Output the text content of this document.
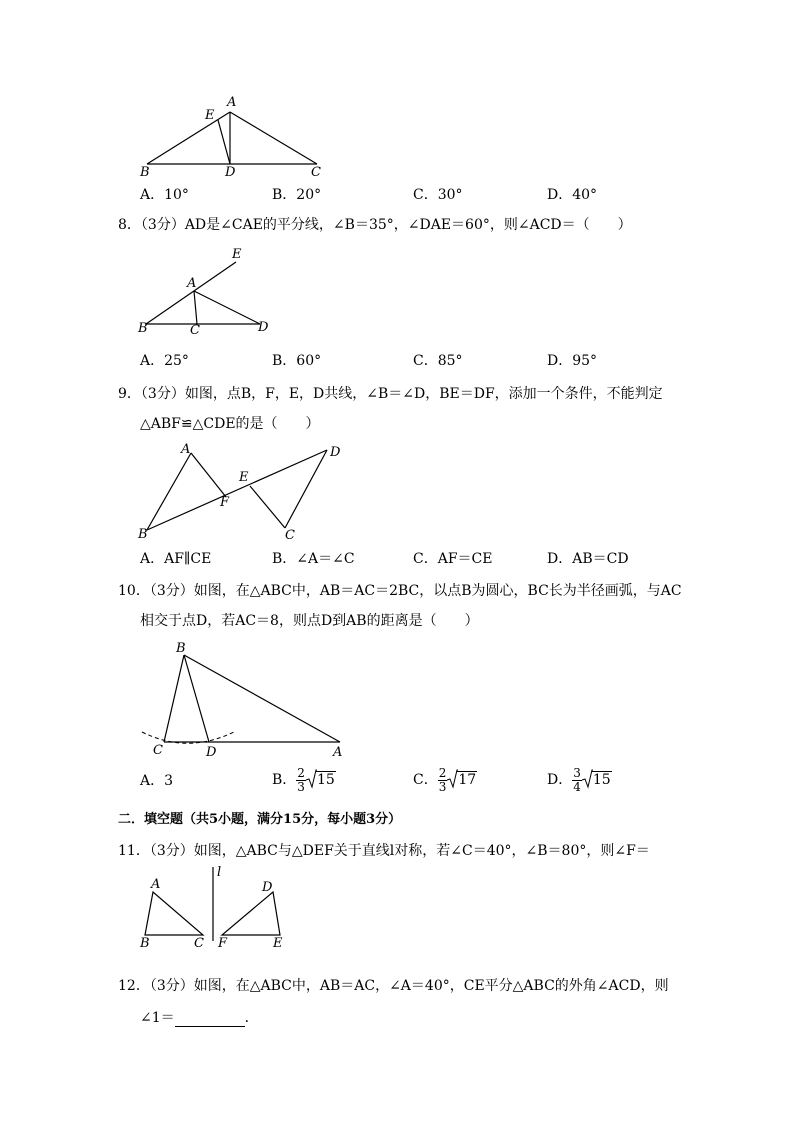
A
E
B	D	C
A．10°	B．20°	C．30°	D．40°
8．（3分）AD是∠CAE的平分线，∠B＝35°，∠DAE＝60°，则∠ACD＝（　　）
E
A
B	C	D
A．25°	B．60°	C．85°	D．95°
9．（3分）如图，点B，F，E，D共线，∠B＝∠D，BE＝DF，添加一个条件，不能判定
△ABF≌△CDE的是（　　）
A
E
D
F
B	C
A．AF∥CE	B．∠A＝∠C	C．AF＝CE	D．AB＝CD
10．（3分）如图，在△ABC中，AB＝AC＝2BC，以点B为圆心，BC长为半径画弧，与AC
相交于点D，若AC＝8，则点D到AB的距离是（　　）
B
C	D	A
A．3	B． $\frac{2}{3} 15$	C． $\frac{2}{3} 17$	D． $\frac{3}{4} 15$
二．填空题（共5小题，满分15分，每小题3分）
11．（3分）如图，△ABC与△DEF关于直线l对称，若∠C＝40°，∠B＝80°，则∠F＝
l
A	D
B	C F	E
12．（3分）如图，在△ABC中，AB＝AC，∠A＝40°，CE平分△ABC的外角∠ACD，则
∠1＝	．
